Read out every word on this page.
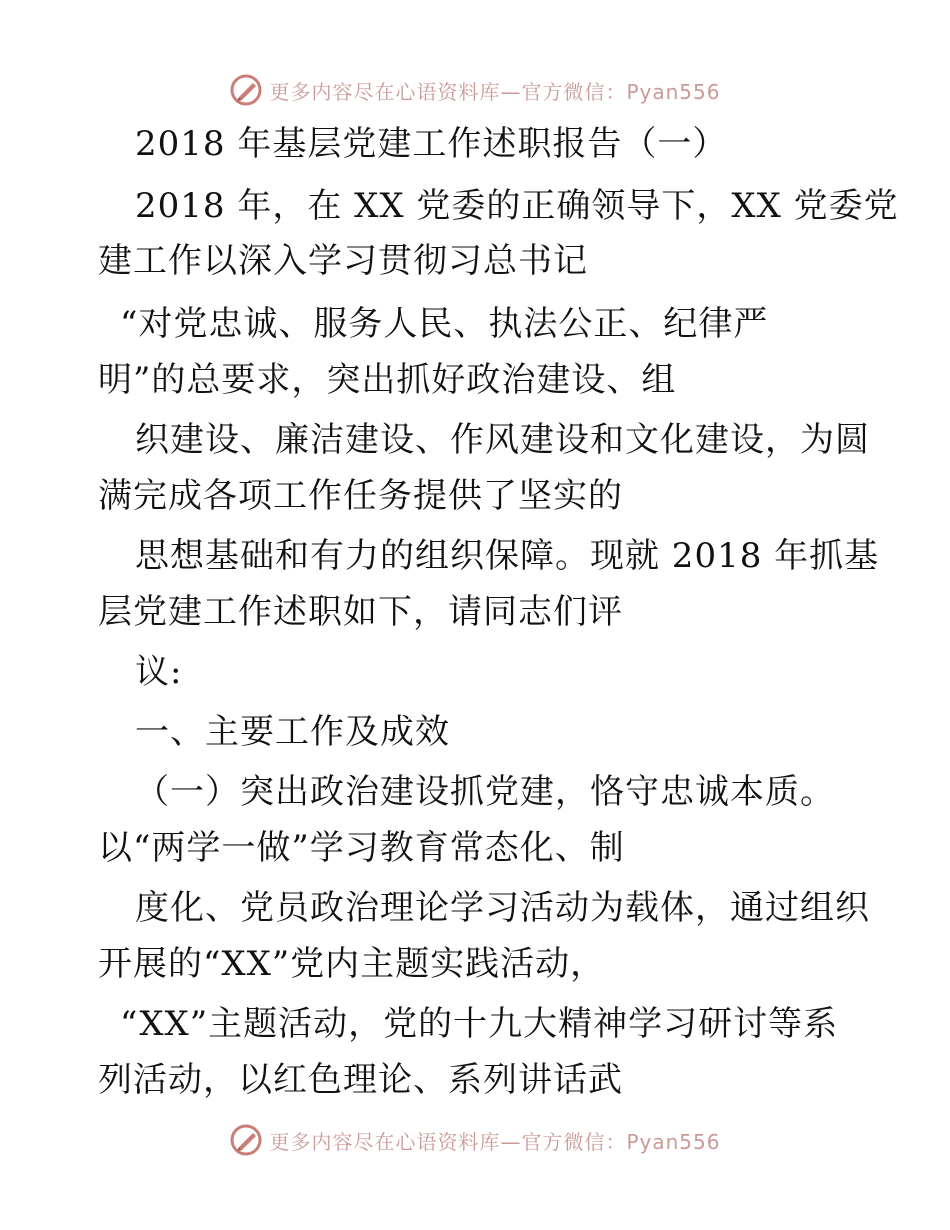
更多内容尽在心语资料库—官方微信：Pyan556
2018 年基层党建工作述职报告（一）
2018 年，在 XX 党委的正确领导下，XX 党委党
建工作以深入学习贯彻习总书记
“对党忠诚、服务人民、执法公正、纪律严
明”的总要求，突出抓好政治建设、组
织建设、廉洁建设、作风建设和文化建设，为圆
满完成各项工作任务提供了坚实的
思想基础和有力的组织保障。现就 2018 年抓基
层党建工作述职如下，请同志们评
议:
一、主要工作及成效
（一）突出政治建设抓党建，恪守忠诚本质。
以“两学一做”学习教育常态化、制
度化、党员政治理论学习活动为载体，通过组织
开展的“XX”党内主题实践活动，
“XX”主题活动，党的十九大精神学习研讨等系
列活动，以红色理论、系列讲话武
更多内容尽在心语资料库—官方微信：Pyan556
